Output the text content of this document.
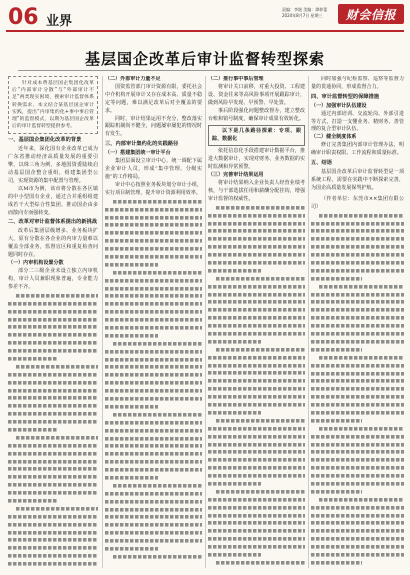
06 业界
责编：李媛 美编：谭梓蕾
2024年8月7日 星期三	财会信报
基层国企改革后审计监督转型探索

针对成本费基层国企集团化改革后“内部审计分散”与“外部审计不足”两类现实困境，搜索审计监督体系转换需求，本文结合某基层国企审计实践，提出“内审集约化+事中事后管理”的监督模式，以期为基层国企改革后的审计监督转型提供参考。

一、基层国企集团化改革的背景

近年来，深化国有企业改革已成为广东省推动经济高质量发展的重要引擎，以珠三角为例，多地国资委陆续启动基层国企整合重组，组建集团型公司，实现资源的集中配置与管理。

以M市为例，该市将分散在各区镇的中小型国有企业，通过合并重组组建成若干大型综合性集团，推动国企由多而散向专而强转变。

二、改革对审计监督体系提出的新挑战

改革后集团层级增多、业务板块扩大，原有分散在各企业的内审力量难以覆盖全部业务，监督盲区和重复检查问题同时存在。

（一）内审机构设置分散

部分二三级企业未设立独立内审机构，审计人员兼职现象普遍，专业能力参差不齐。

（二）外部审计力量不足

国资监管部门审计资源有限，委托社会中介机构开展审计又存在成本高、质量不稳定等问题，难以满足改革后对全覆盖的要求。

同时，审计结果运用不充分，整改落实跟踪机制尚不健全，问题屡审屡犯的情况时有发生。

三、内部审计集约化的实践路径

（一）搭建集团统一审计平台

集团层面设立审计中心，统一调配下属企业审计人员，形成“集中管理、分级实施”的工作格局。

审计中心按照业务板块划分审计小组，实行项目制管理，提升审计资源利用效率。

（二）推行事中事后管理

将审计关口前移，对重大投资、工程建设、资金往来等高风险事项开展跟踪审计，做到风险早发现、早预警、早处置。

事后阶段强化问题整改督办，建立整改台账和销号制度，确保审计成果有效转化。

以下是几条路径探索：专项、跟踪、数据化

依托信息化手段搭建审计数据平台，推进大数据审计，实现对财务、业务数据的实时监测和异常预警。

（三）完善审计结果运用

将审计结果纳入企业负责人经营业绩考核，与干部选拔任用和薪酬分配挂钩，增强审计监督的权威性。

同时加强与纪检监察、巡察等监督力量的贯通协同，形成监督合力。

四、审计监督转型的保障措施

（一）加强审计队伍建设

通过内部培训、交流轮岗、外部引进等方式，打造一支懂业务、精财务、善管理的复合型审计队伍。

（二）健全制度体系

修订完善集团内部审计管理办法，明确审计职责权限、工作流程和质量标准。

五、结语

基层国企改革后审计监督转型是一项系统工程，需要在实践中不断探索完善，为国企高质量发展保驾护航。

（作者单位：东莞市××集团有限公司）
